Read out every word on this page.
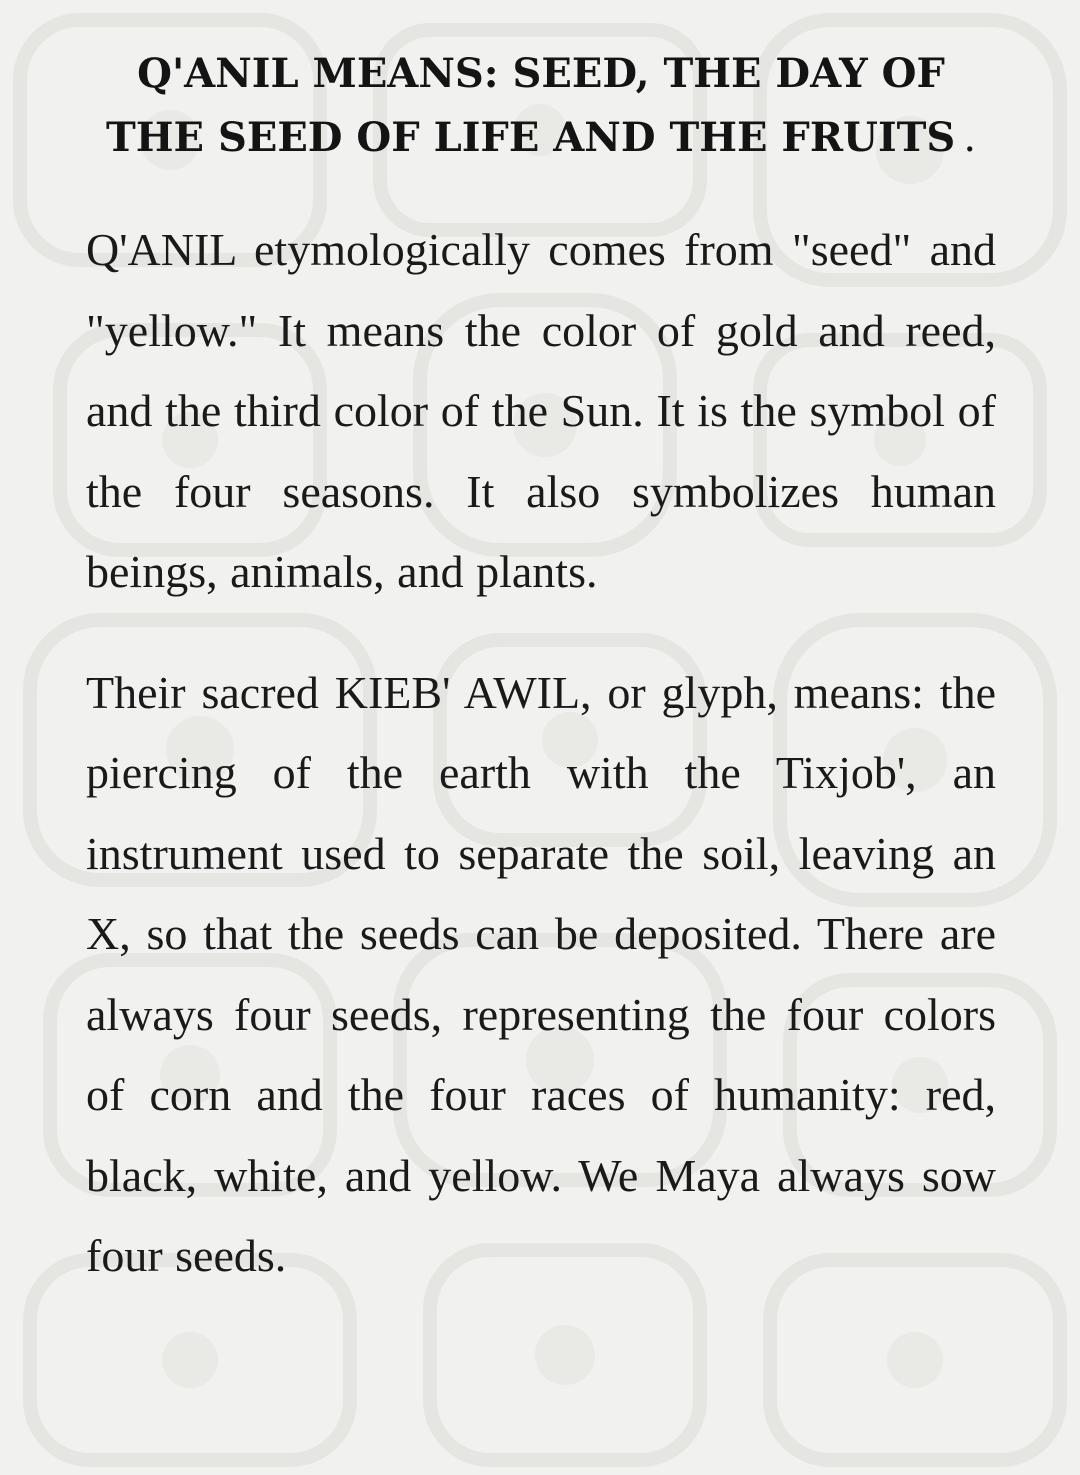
Q'ANIL MEANS: SEED, THE DAY OF THE SEED OF LIFE AND THE FRUITS .

Q'ANIL etymologically comes from "seed" and "yellow." It means the color of gold and reed, and the third color of the Sun. It is the symbol of the four seasons. It also symbolizes human beings, animals, and plants.

Their sacred KIEB' AWIL, or glyph, means: the piercing of the earth with the Tixjob', an instrument used to separate the soil, leaving an X, so that the seeds can be deposited. There are always four seeds, representing the four colors of corn and the four races of humanity: red, black, white, and yellow. We Maya always sow four seeds.
